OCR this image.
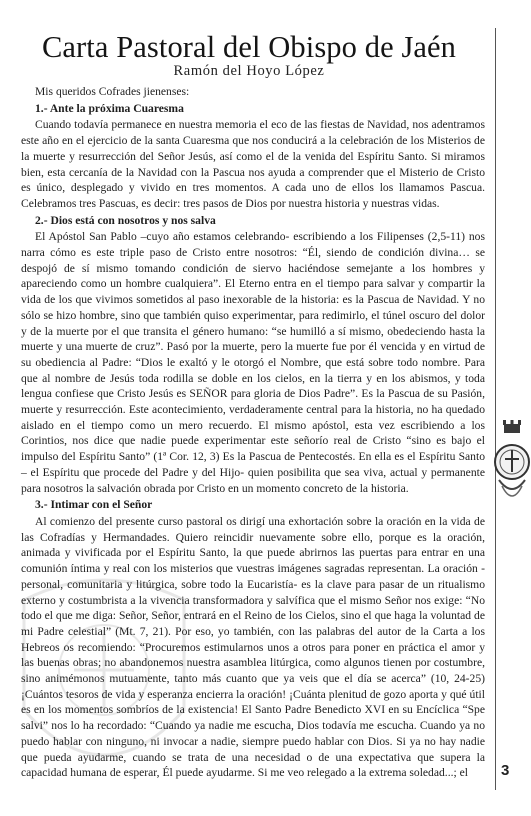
Carta Pastoral del Obispo de Jaén
Ramón del Hoyo López

Mis queridos Cofrades jienenses:

1.- Ante la próxima Cuaresma

Cuando todavía permanece en nuestra memoria el eco de las fiestas de Navidad, nos adentramos este año en el ejercicio de la santa Cuaresma que nos conducirá a la celebración de los Misterios de la muerte y resurrección del Señor Jesús, así como el de la venida del Espíritu Santo. Si miramos bien, esta cercanía de la Navidad con la Pascua nos ayuda a comprender que el Misterio de Cristo es único, desplegado y vivido en tres momentos. A cada uno de ellos los llamamos Pascua. Celebramos tres Pascuas, es decir: tres pasos de Dios por nuestra historia y nuestras vidas.

2.- Dios está con nosotros y nos salva

El Apóstol San Pablo –cuyo año estamos celebrando- escribiendo a los Filipenses (2,5-11) nos narra cómo es este triple paso de Cristo entre nosotros: “Él, siendo de condición divina… se despojó de sí mismo tomando condición de siervo haciéndose semejante a los hombres y apareciendo como un hombre cualquiera”. El Eterno entra en el tiempo para salvar y compartir la vida de los que vivimos sometidos al paso inexorable de la historia: es la Pascua de Navidad. Y no sólo se hizo hombre, sino que también quiso experimentar, para redimirlo, el túnel oscuro del dolor y de la muerte por el que transita el género humano: “se humilló a sí mismo, obedeciendo hasta la muerte y una muerte de cruz”. Pasó por la muerte, pero la muerte fue por él vencida y en virtud de su obediencia al Padre: “Dios le exaltó y le otorgó el Nombre, que está sobre todo nombre. Para que al nombre de Jesús toda rodilla se doble en los cielos, en la tierra y en los abismos, y toda lengua confiese que Cristo Jesús es SEÑOR para gloria de Dios Padre”. Es la Pascua de su Pasión, muerte y resurrección. Este acontecimiento, verdaderamente central para la historia, no ha quedado aislado en el tiempo como un mero recuerdo. El mismo apóstol, esta vez escribiendo a los Corintios, nos dice que nadie puede experimentar este señorío real de Cristo “sino es bajo el impulso del Espíritu Santo” (1ª Cor. 12, 3) Es la Pascua de Pentecostés. En ella es el Espíritu Santo – el Espíritu que procede del Padre y del Hijo- quien posibilita que sea viva, actual y permanente para nosotros la salvación obrada por Cristo en un momento concreto de la historia.

3.- Intimar con el Señor

Al comienzo del presente curso pastoral os dirigí una exhortación sobre la oración en la vida de las Cofradías y Hermandades. Quiero reincidir nuevamente sobre ello, porque es la oración, animada y vivificada por el Espíritu Santo, la que puede abrirnos las puertas para entrar en una comunión íntima y real con los misterios que vuestras imágenes sagradas representan. La oración -personal, comunitaria y litúrgica, sobre todo la Eucaristía- es la clave para pasar de un ritualismo externo y costumbrista a la vivencia transformadora y salvífica que el mismo Señor nos exige: “No todo el que me diga: Señor, Señor, entrará en el Reino de los Cielos, sino el que haga la voluntad de mi Padre celestial” (Mt. 7, 21). Por eso, yo también, con las palabras del autor de la Carta a los Hebreos os recomiendo: “Procuremos estimularnos unos a otros para poner en práctica el amor y las buenas obras; no abandonemos nuestra asamblea litúrgica, como algunos tienen por costumbre, sino animémonos mutuamente, tanto más cuanto que ya veis que el día se acerca” (10, 24-25) ¡Cuántos tesoros de vida y esperanza encierra la oración! ¡Cuánta plenitud de gozo aporta y qué útil es en los momentos sombríos de la existencia! El Santo Padre Benedicto XVI en su Encíclica “Spe salvi” nos lo ha recordado: “Cuando ya nadie me escucha, Dios todavía me escucha. Cuando ya no puedo hablar con ninguno, ni invocar a nadie, siempre puedo hablar con Dios. Si ya no hay nadie que pueda ayudarme, cuando se trata de una necesidad o de una expectativa que supera la capacidad humana de esperar, Él puede ayudarme. Si me veo relegado a la extrema soledad...; el	3
